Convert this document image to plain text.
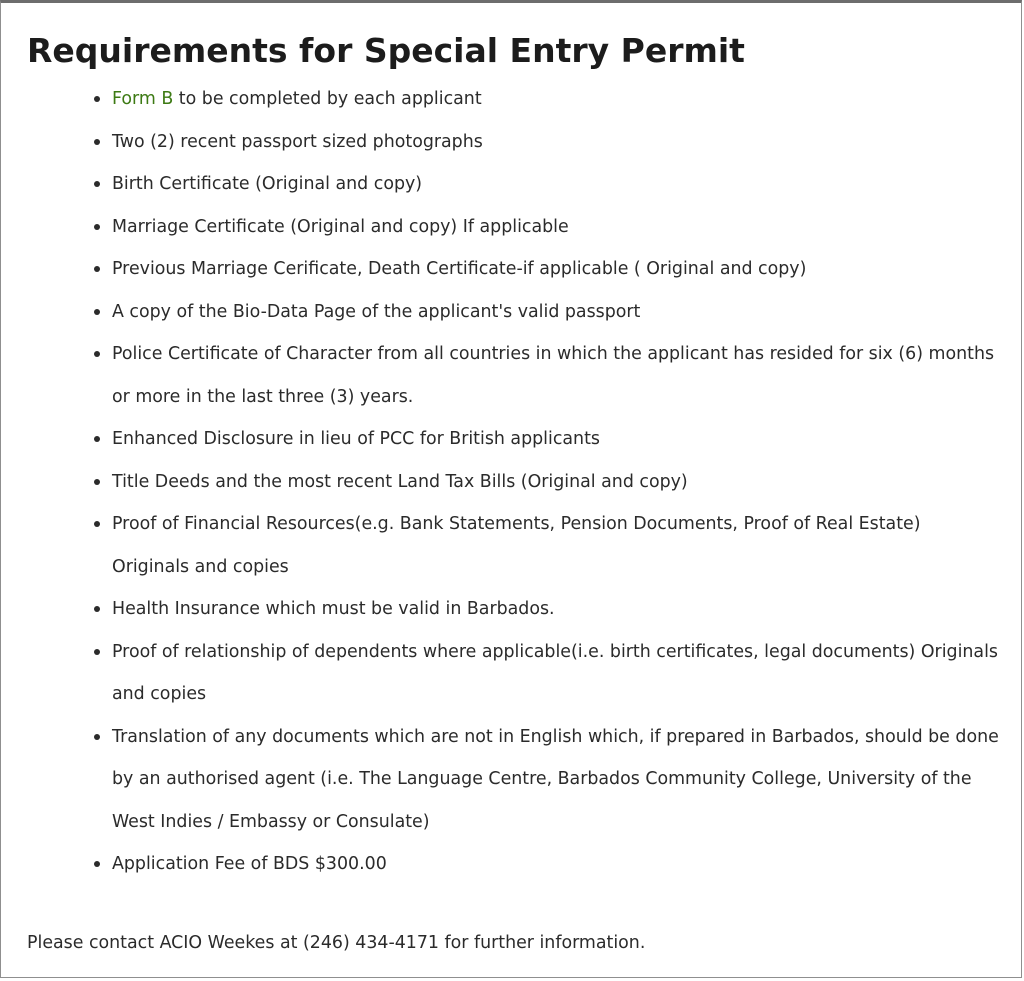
Requirements for Special Entry Permit
Form B to be completed by each applicant
Two (2) recent passport sized photographs
Birth Certificate (Original and copy)
Marriage Certificate (Original and copy) If applicable
Previous Marriage Cerificate, Death Certificate-if applicable ( Original and copy)
A copy of the Bio-Data Page of the applicant's valid passport
Police Certificate of Character from all countries in which the applicant has resided for six (6) months or more in the last three (3) years.
Enhanced Disclosure in lieu of PCC for British applicants
Title Deeds and the most recent Land Tax Bills (Original and copy)
Proof of Financial Resources(e.g. Bank Statements, Pension Documents, Proof of Real Estate) Originals and copies
Health Insurance which must be valid in Barbados.
Proof of relationship of dependents where applicable(i.e. birth certificates, legal documents) Originals and copies
Translation of any documents which are not in English which, if prepared in Barbados, should be done by an authorised agent (i.e. The Language Centre, Barbados Community College, University of the West Indies / Embassy or Consulate)
Application Fee of BDS $300.00

Please contact ACIO Weekes at (246) 434-4171 for further information.
